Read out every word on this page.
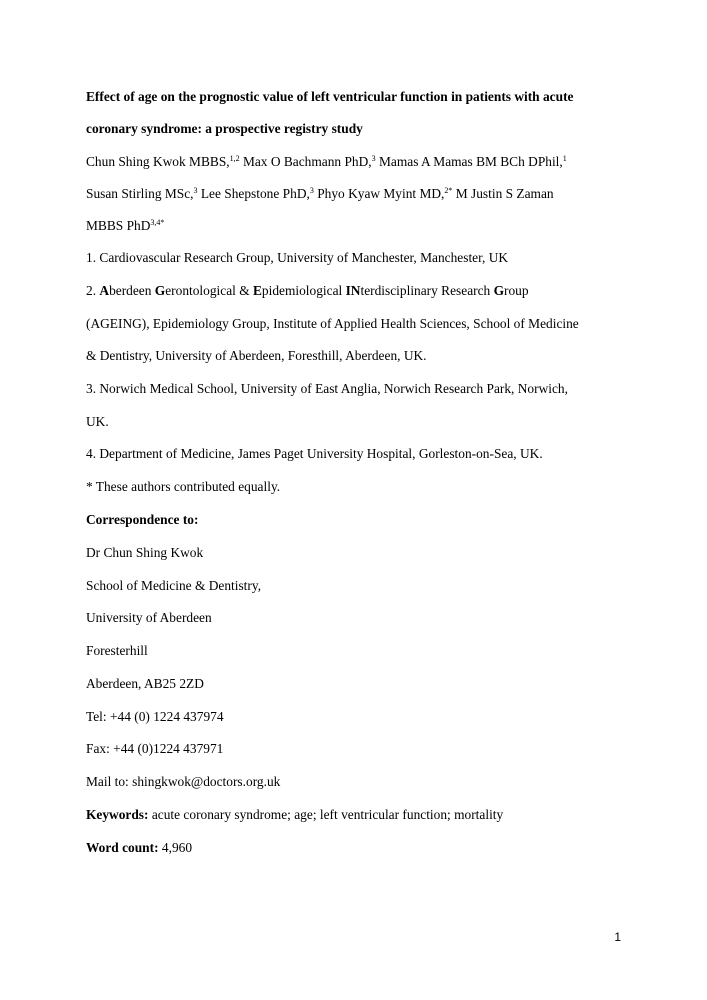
Effect of age on the prognostic value of left ventricular function in patients with acute
coronary syndrome: a prospective registry study
Chun Shing Kwok MBBS,$^{1,2}$ Max O Bachmann PhD,$^3$ Mamas A Mamas BM BCh DPhil,$^1$
Susan Stirling MSc,$^3$ Lee Shepstone PhD,$^3$ Phyo Kyaw Myint MD,$^{2*}$ M Justin S Zaman
MBBS PhD$^{3,4*}$
1. Cardiovascular Research Group, University of Manchester, Manchester, UK
2. Aberdeen Gerontological & Epidemiological INterdisciplinary Research Group
(AGEING), Epidemiology Group, Institute of Applied Health Sciences, School of Medicine
& Dentistry, University of Aberdeen, Foresthill, Aberdeen, UK.
3. Norwich Medical School, University of East Anglia, Norwich Research Park, Norwich,
UK.
4. Department of Medicine, James Paget University Hospital, Gorleston-on-Sea, UK.
* These authors contributed equally.
Correspondence to:
Dr Chun Shing Kwok
School of Medicine & Dentistry,
University of Aberdeen
Foresterhill
Aberdeen, AB25 2ZD
Tel: +44 (0) 1224 437974
Fax: +44 (0)1224 437971
Mail to: shingkwok@doctors.org.uk
Keywords: acute coronary syndrome; age; left ventricular function; mortality
Word count: 4,960
1
